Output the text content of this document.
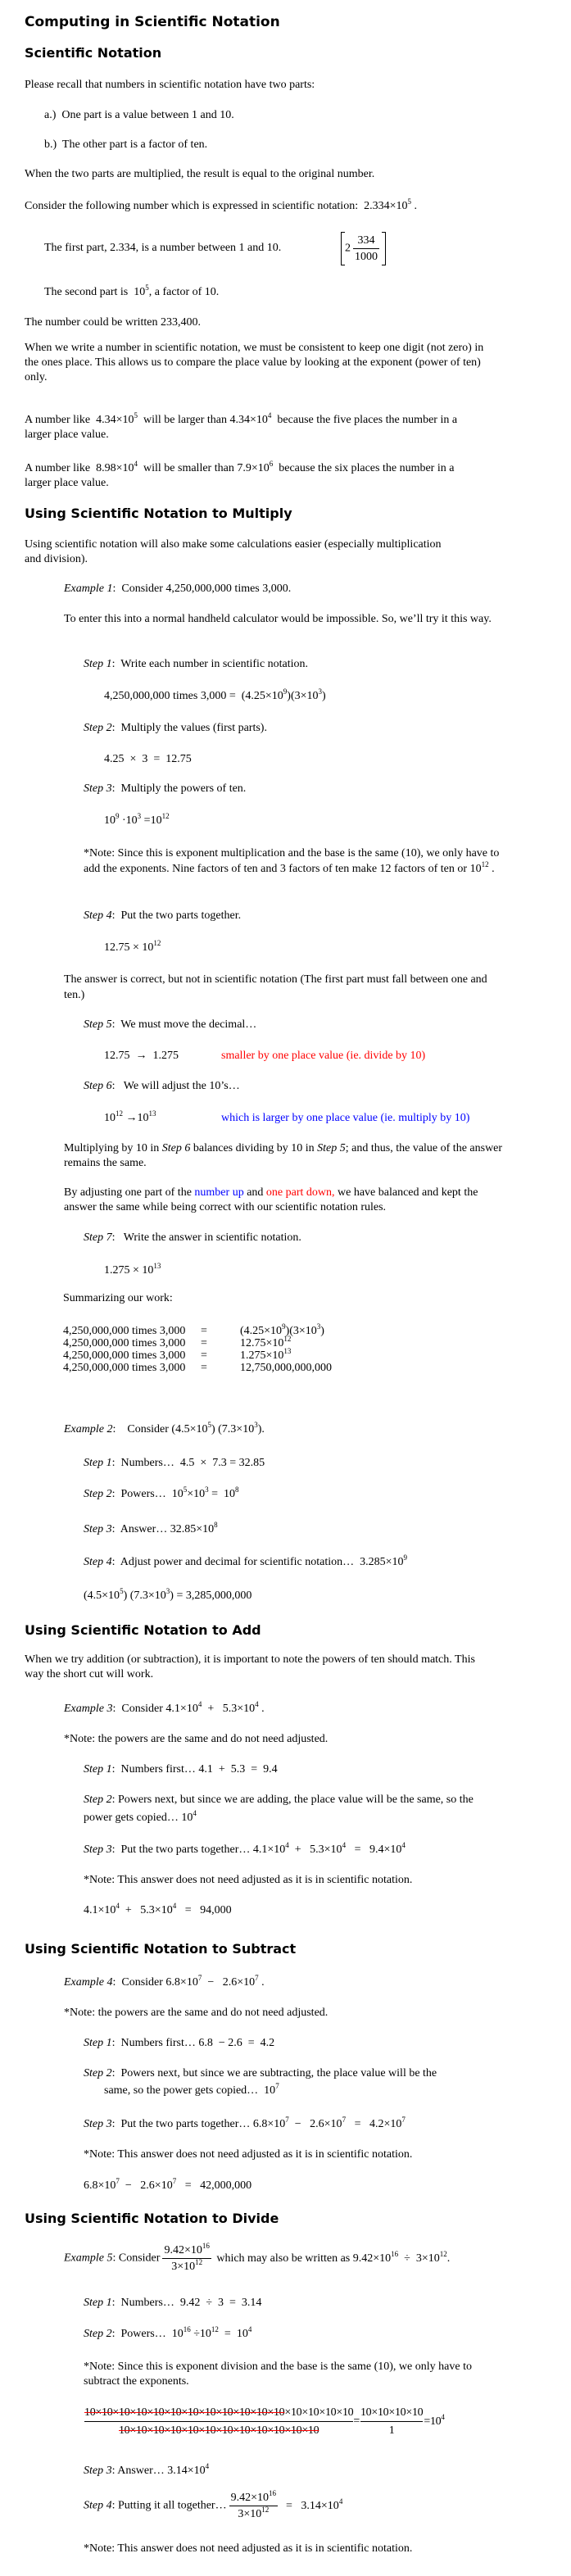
Computing in Scientific Notation
Scientific Notation
Please recall that numbers in scientific notation have two parts:
a.)  One part is a value between 1 and 10.
b.)  The other part is a factor of ten.
When the two parts are multiplied, the result is equal to the original number.
Consider the following number which is expressed in scientific notation: $2.334\times 10^5$ .
The first part, 2.334, is a number between 1 and 10.	$2 \frac{334}{1000}$
The second part is $10^5$, a factor of 10.
The number could be written 233,400.
When we write a number in scientific notation, we must be consistent to keep one digit (not zero) in the ones place. This allows us to compare the place value by looking at the exponent (power of ten) only.
A number like $4.34\times 10^5$ will be larger than $4.34\times 10^4$ because the five places the number in a larger place value.
A number like $8.98\times 10^4$ will be smaller than $7.9\times 10^6$ because the six places the number in a larger place value.
Using Scientific Notation to Multiply
Using scientific notation will also make some calculations easier (especially multiplication and division).
Example 1:  Consider 4,250,000,000 times 3,000.
To enter this into a normal handheld calculator would be impossible. So, we’ll try it this way.
Step 1:  Write each number in scientific notation.
4,250,000,000 times $3,000 = (4.25\times 10^9)(3\times 10^3)$
Step 2:  Multiply the values (first parts).
4.25  ×  3  =  12.75
Step 3:  Multiply the powers of ten.
$10^9 \cdot 10^3 =10^{12}$
*Note: Since this is exponent multiplication and the base is the same (10), we only have to add the exponents. Nine factors of ten and 3 factors of ten make 12 factors of ten or $10^{12}$ .
Step 4:  Put the two parts together.
$12.75 \times 10^{12}$
The answer is correct, but not in scientific notation (The first part must fall between one and ten.)
Step 5:  We must move the decimal…
12.75  →  1.275	smaller by one place value (ie. divide by 10)
Step 6:   We will adjust the 10’s…
$10^{12} \to 10^{13}$	which is larger by one place value (ie. multiply by 10)
Multiplying by 10 in Step 6 balances dividing by 10 in Step 5; and thus, the value of the answer remains the same.
By adjusting one part of the number up and one part down, we have balanced and kept the answer the same while being correct with our scientific notation rules.
Step 7:   Write the answer in scientific notation.
$1.275 \times 10^{13}$
Summarizing our work:
4,250,000,000 times 3,000	=	$(4.25\times 10^9)(3\times 10^3)$
4,250,000,000 times 3,000	=	$12.75\times 10^{12}$
4,250,000,000 times 3,000	=	$1.275\times 10^{13}$
4,250,000,000 times 3,000	=	12,750,000,000,000
Example 2:    Consider $(4.5\times 10^5)$ $(7.3\times 10^3)$.
Step 1:  Numbers…  4.5  ×  7.3 = 32.85
Step 2:  Powers…  $10^5\times 10^3 = 10^8$
Step 3:  Answer… $32.85\times 10^8$
Step 4:  Adjust power and decimal for scientific notation…  $3.285\times 10^9$
$(4.5\times 10^5) (7.3\times 10^3) = 3,285,000,000$
Using Scientific Notation to Add
When we try addition (or subtraction), it is important to note the powers of ten should match. This way the short cut will work.
Example 3:  Consider $4.1\times 10^4 + 5.3\times 10^4$ .
*Note: the powers are the same and do not need adjusted.
Step 1:  Numbers first… 4.1  +  5.3  =  9.4
Step 2: Powers next, but since we are adding, the place value will be the same, so the power gets copied… $10^4$
Step 3:  Put the two parts together… $4.1\times 10^4 + 5.3\times 10^4 = 9.4\times 10^4$
*Note: This answer does not need adjusted as it is in scientific notation.
$4.1\times 10^4 + 5.3\times 10^4 = 94,000$
Using Scientific Notation to Subtract
Example 4:  Consider $6.8\times 10^7 - 2.6\times 10^7$ .
*Note: the powers are the same and do not need adjusted.
Step 1:  Numbers first… 6.8  − 2.6  =  4.2
Step 2:  Powers next, but since we are subtracting, the place value will be the
same, so the power gets copied…  $10^7$
Step 3:  Put the two parts together… $6.8\times 10^7 - 2.6\times 10^7 = 4.2\times 10^7$
*Note: This answer does not need adjusted as it is in scientific notation.
$6.8\times 10^7 - 2.6\times 10^7 = 42,000,000$
Using Scientific Notation to Divide
Example 5: Consider $\frac{9.42\times 10^{16}}{3\times 10^{12}}$ which may also be written as $9.42\times 10^{16} \div 3\times 10^{12}$.
Step 1:  Numbers…  9.42  ÷  3  =  3.14
Step 2:  Powers…  $10^{16} \div 10^{12} = 10^4$
*Note: Since this is exponent division and the base is the same (10), we only have to subtract the exponents.
$\frac{10\times 10\times 10\times 10\times 10\times 10\times 10\times 10\times 10\times 10\times 10\times 10\times 10\times 10\times 10\times 10}{10\times 10\times 10\times 10\times 10\times 10\times 10\times 10\times 10\times 10\times 10\times 10} = \frac{10\times 10\times 10\times 10}{1} =10^4$
Step 3: Answer… $3.14\times 10^4$
Step 4: Putting it all together… $\frac{9.42\times 10^{16}}{3\times 10^{12}} = 3.14\times 10^4$
*Note: This answer does not need adjusted as it is in scientific notation.
